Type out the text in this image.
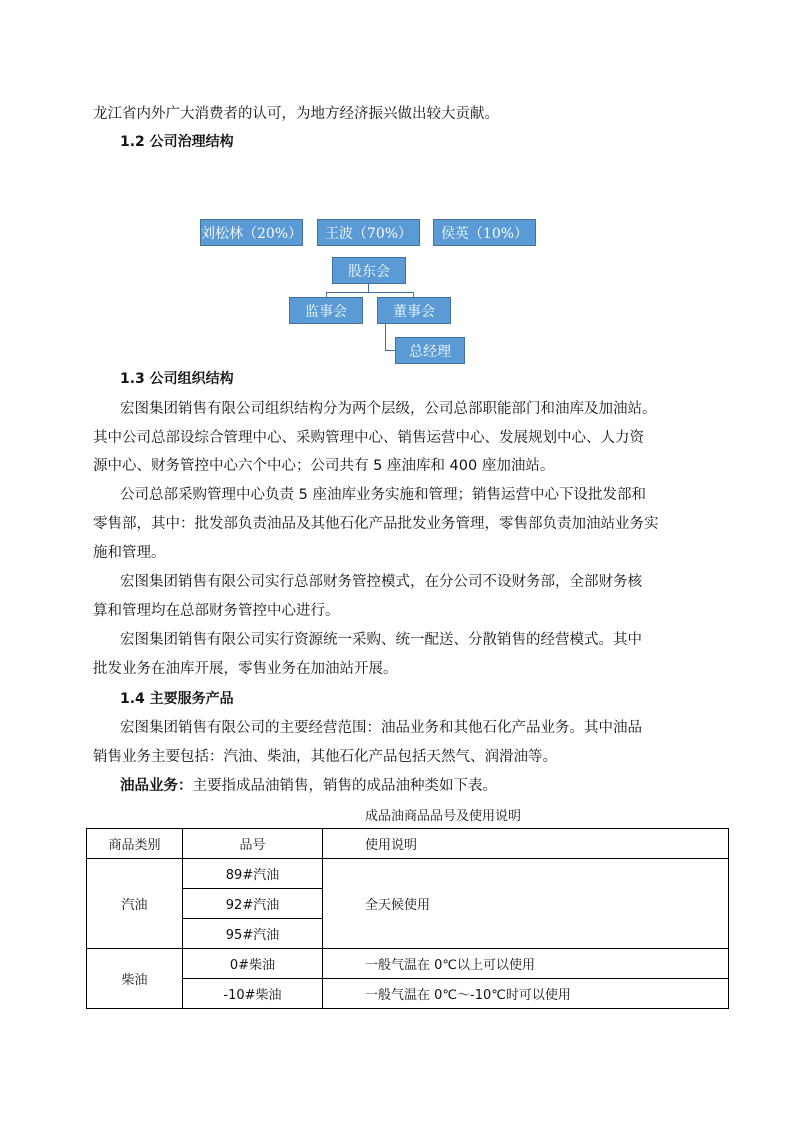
龙江省内外广大消费者的认可，为地方经济振兴做出较大贡献。
1.2 公司治理结构
刘松林（20%）	王波（70%）	侯英（10%）
股东会
监事会	董事会
总经理
1.3 公司组织结构
宏图集团销售有限公司组织结构分为两个层级，公司总部职能部门和油库及加油站。
其中公司总部设综合管理中心、采购管理中心、销售运营中心、发展规划中心、人力资
源中心、财务管控中心六个中心；公司共有 5 座油库和 400 座加油站。
公司总部采购管理中心负责 5 座油库业务实施和管理；销售运营中心下设批发部和
零售部，其中：批发部负责油品及其他石化产品批发业务管理，零售部负责加油站业务实
施和管理。
宏图集团销售有限公司实行总部财务管控模式，在分公司不设财务部，全部财务核
算和管理均在总部财务管控中心进行。
宏图集团销售有限公司实行资源统一采购、统一配送、分散销售的经营模式。其中
批发业务在油库开展，零售业务在加油站开展。
1.4 主要服务产品
宏图集团销售有限公司的主要经营范围：油品业务和其他石化产品业务。其中油品
销售业务主要包括：汽油、柴油，其他石化产品包括天然气、润滑油等。
油品业务：主要指成品油销售，销售的成品油种类如下表。
成品油商品品号及使用说明
商品类别	品号	使用说明
汽油	89#汽油	全天候使用
	92#汽油	
	95#汽油	
柴油	0#柴油	一般气温在 0℃以上可以使用
	-10#柴油	一般气温在 0℃～-10℃时可以使用
